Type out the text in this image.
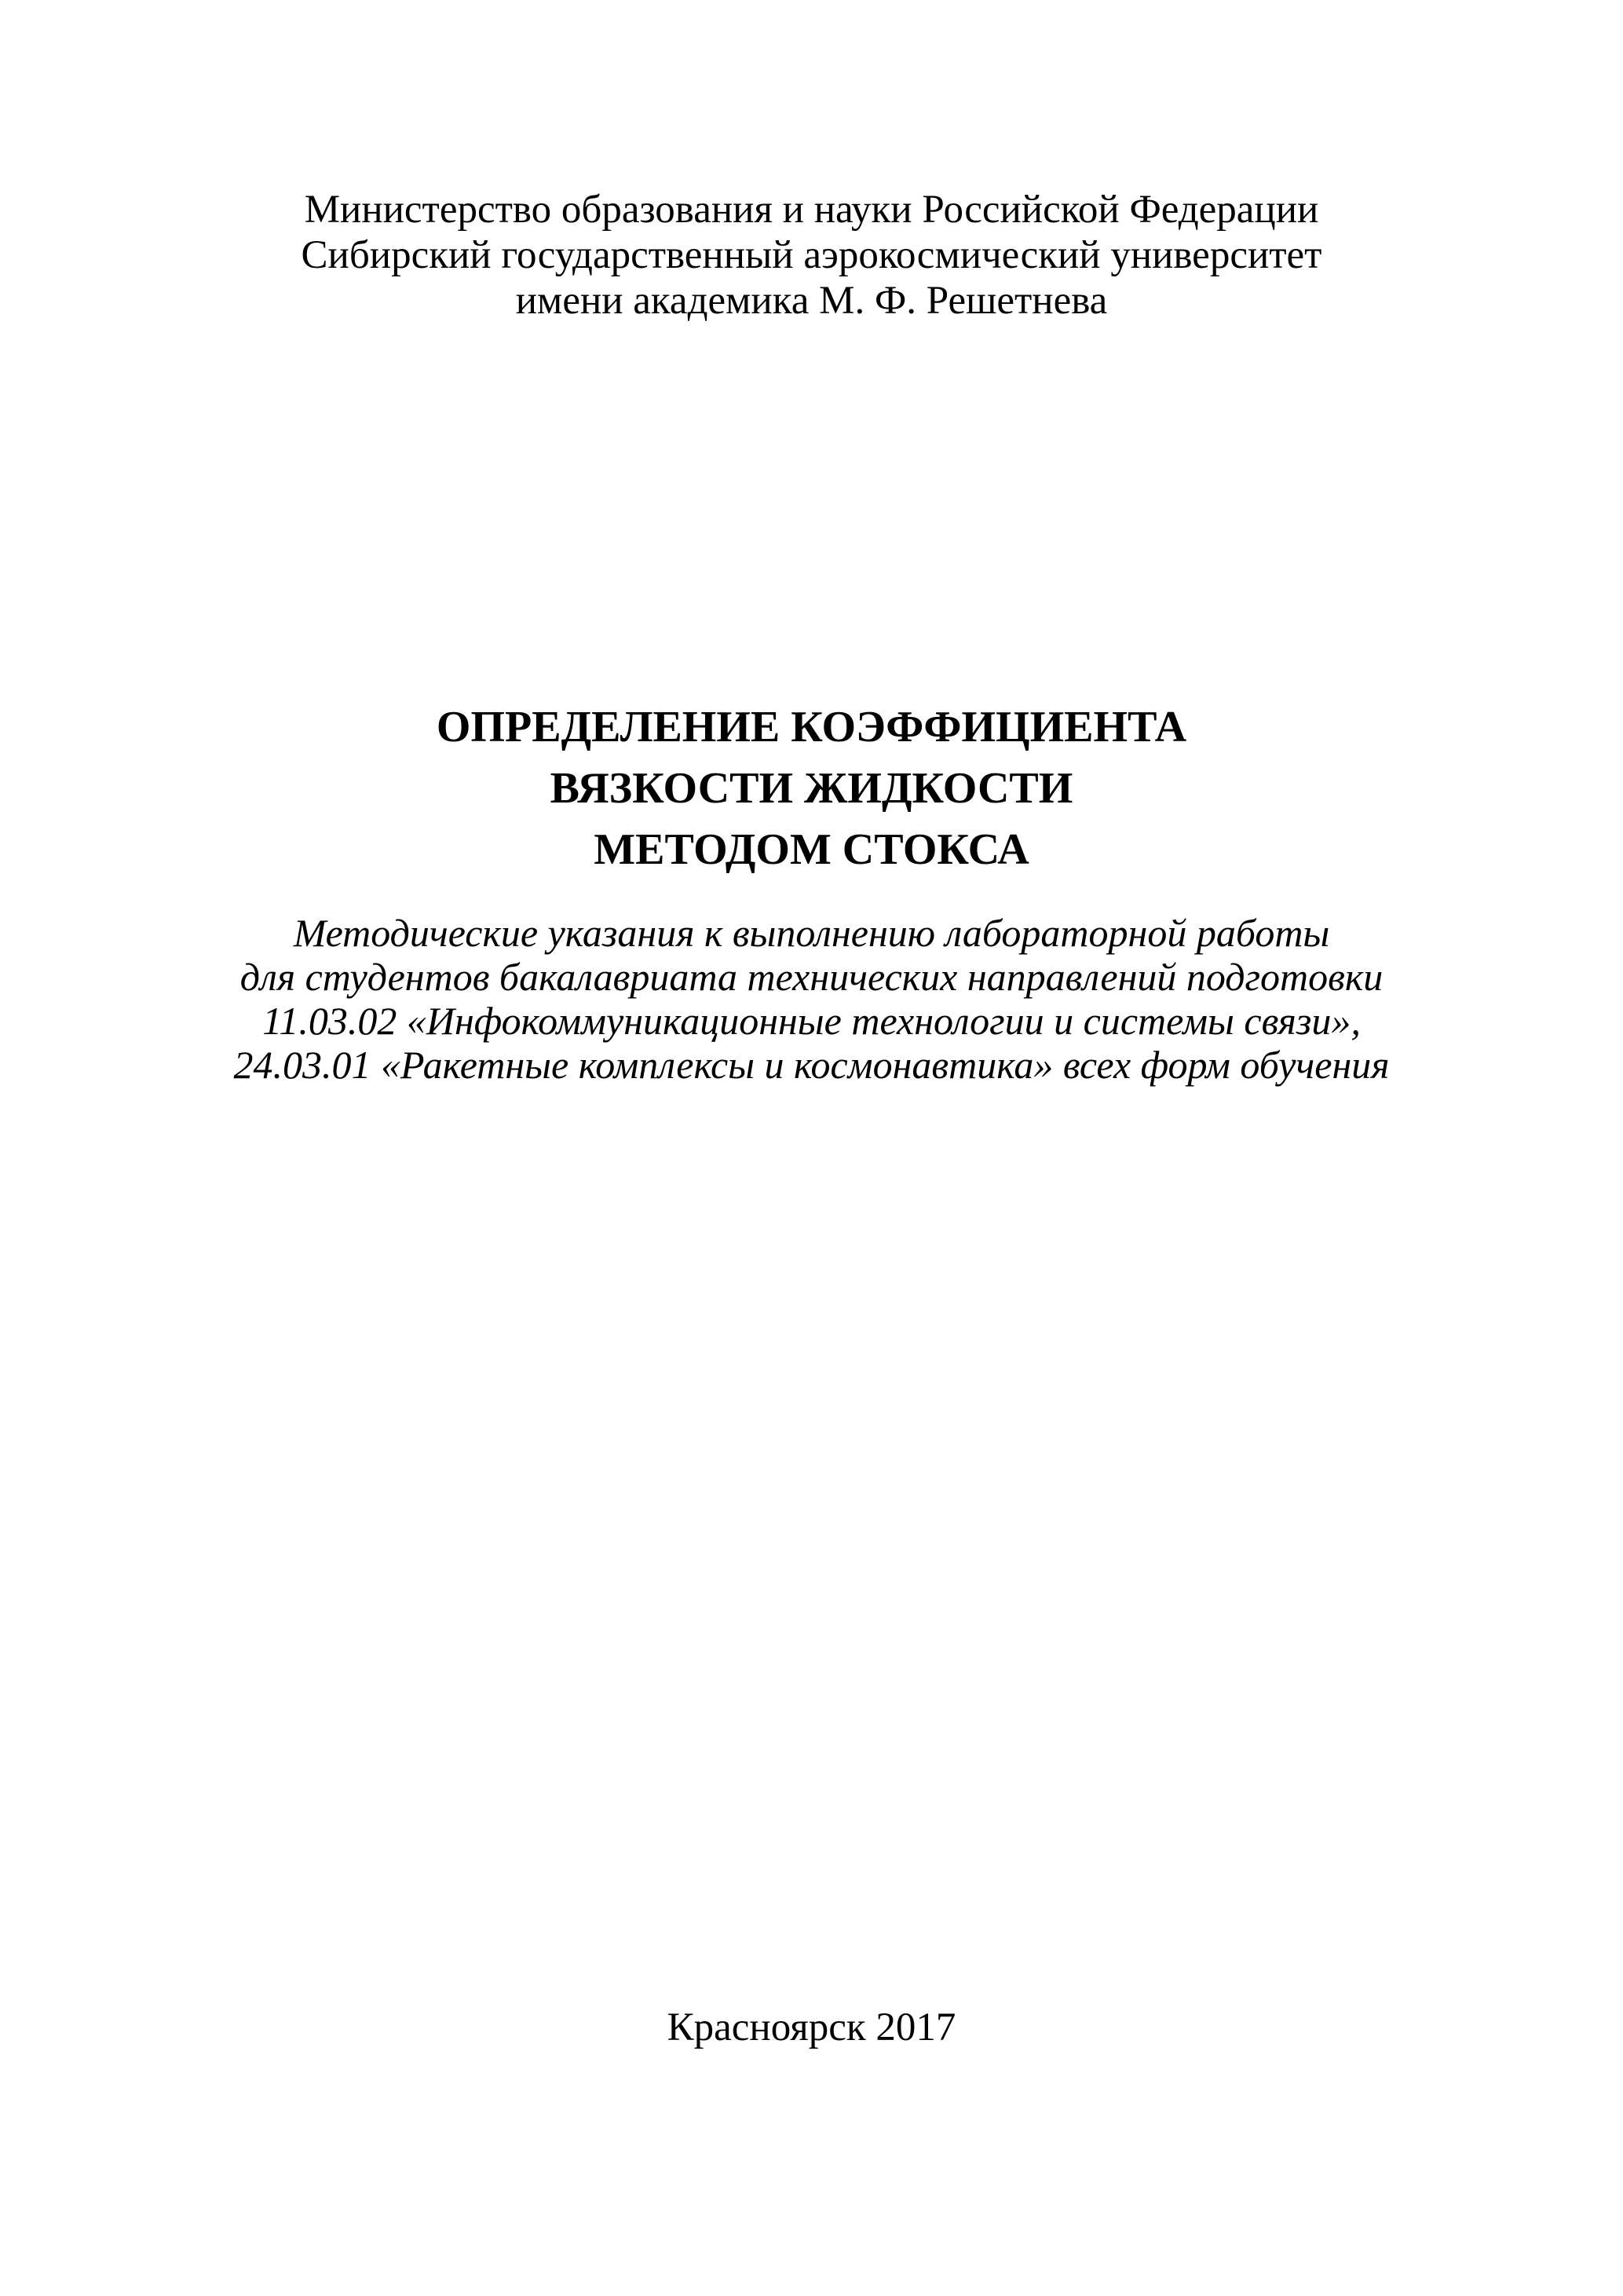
Министерство образования и науки Российской Федерации
Сибирский государственный аэрокосмический университет
имени академика М. Ф. Решетнева
ОПРЕДЕЛЕНИЕ КОЭФФИЦИЕНТА
ВЯЗКОСТИ ЖИДКОСТИ
МЕТОДОМ СТОКСА
Методические указания к выполнению лабораторной работы
для студентов бакалавриата технических направлений подготовки
11.03.02 «Инфокоммуникационные технологии и системы связи»,
24.03.01 «Ракетные комплексы и космонавтика» всех форм обучения
Красноярск 2017
